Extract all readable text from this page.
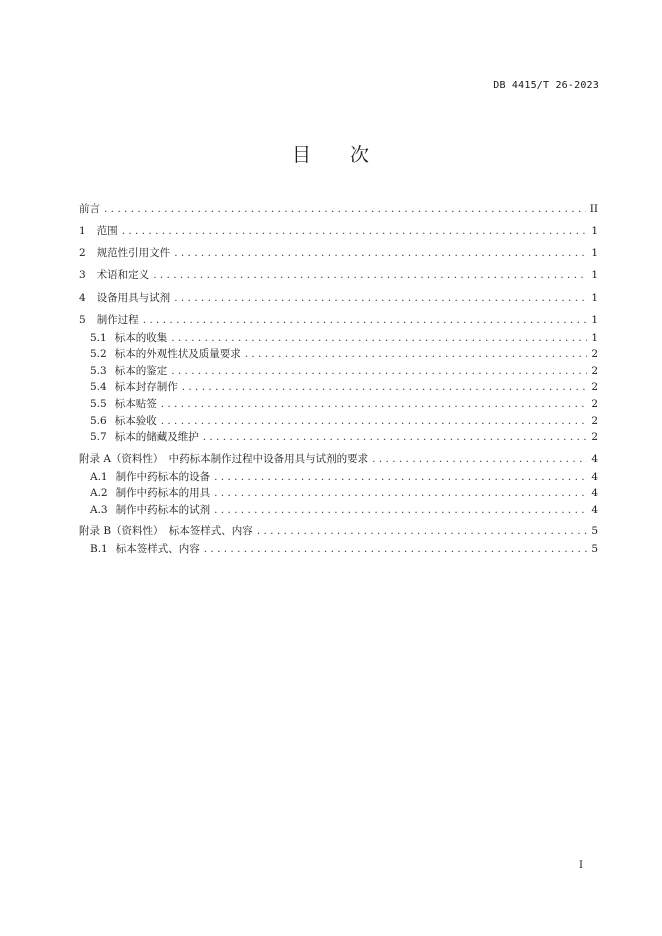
DB 4415/T 26-2023
目 次
前言 . . .	II
1 范围 . . .	1
2 规范性引用文件 . . .	1
3 术语和定义 . . .	1
4 设备用具与试剂 . . .	1
5 制作过程 . . .	1
5.1 标本的收集 . . .	1
5.2 标本的外观性状及质量要求 . . .	2
5.3 标本的鉴定 . . .	2
5.4 标本封存制作 . . .	2
5.5 标本贴签 . . .	2
5.6 标本验收 . . .	2
5.7 标本的储藏及维护 . . .	2
附录 A（资料性）　中药标本制作过程中设备用具与试剂的要求 . . .	4
A.1 制作中药标本的设备 . . .	4
A.2 制作中药标本的用具 . . .	4
A.3 制作中药标本的试剂 . . .	4
附录 B（资料性）　标本签样式、内容 . . .	5
B.1 标本签样式、内容 . . .	5
I
